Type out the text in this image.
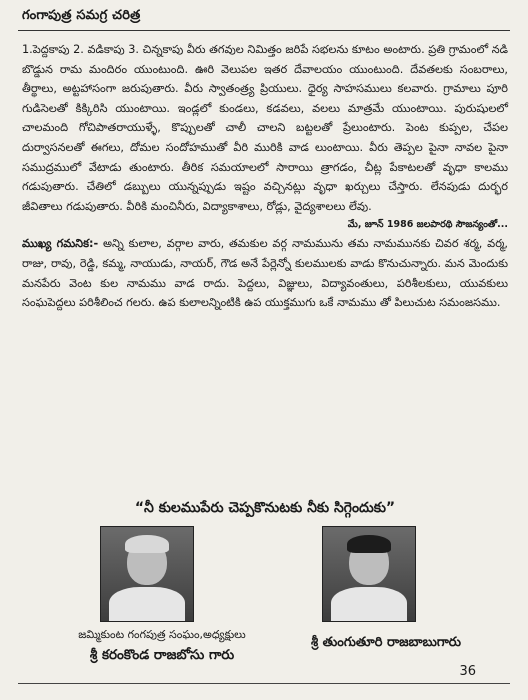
గంగాపుత్ర సమగ్ర చరిత్ర

1.పెద్దకాపు 2. వడికాపు 3. చిన్నకాపు వీరు తగవుల నిమిత్తం జరిపే సభలను కూటం అంటారు. ప్రతి గ్రామంలో నడి బొడ్డున రామ మందిరం యుంటుంది. ఊరి వెలుపల ఇతర దేవాలయం యుంటుంది. దేవతలకు సంబరాలు, తీర్థాలు, అట్టహాసంగా జరుపుతారు. వీరు స్వాతంత్ర్య ప్రియులు. ధైర్య సాహసములు కలవారు. గ్రామాలు పూరి గుడిసెలతో కిక్కిరిసి యుంటాయి. ఇండ్లలో కుండలు, కడవలు, వలలు మాత్రమే యుంటాయి. పురుషులలో చాలమంది గోచిపాతరాయుళ్ళే, కొప్పులతో చాలీ చాలని బట్టలతో ప్రేలుంటారు. పెంట కుప్పల, చేపల దుర్వాసనలతో ఈగలు, దోమల సందోహముతో వీరి మురికి వాడ లుంటాయి. వీరు తెప్పల పైనా నావల పైనా సముద్రములో వేటాడు తుంటారు. తీరిక సమయాలలో సారాయి త్రాగడం, చీట్ల పేకాటలతో వృధా కాలము గడుపుతారు. చేతిలో డబ్బులు యున్నప్పుడు ఇష్టం వచ్చినట్లు వృధా ఖర్చులు చేస్తారు. లేనపుడు దుర్భర జీవితాలు గడుపుతారు. వీరికి మంచినీరు, విద్యాకాశాలు, రోడ్లు, వైద్యశాలలు లేవు.

మే, జూన్ 1986 జలపారథి సౌజన్యంతో...

ముఖ్య గమనిక:- అన్ని కులాల, వర్గాల వారు, తమకుల వర్గ నామమును తమ నామమునకు చివర శర్మ, వర్మ, రాజు, రావు, రెడ్డి, కమ్మ, నాయుడు, నాయర్, గౌడ అనే పేర్లెన్నో కులములకు వాడు కొనుచున్నారు. మన మెందుకు మనపేరు వెంట కుల నామము వాడ రాదు. పెద్దలు, విజ్ఞులు, విద్యావంతులు, పరిశీలకులు, యువకులు సంఘపెద్దలు పరిశీలించ గలరు. ఉప కులాలన్నింటికి ఉప యుక్తముగు ఒకే నామము తో పిలుచుట సమంజసము.

“నీ కులముపేరు చెప్పకొనుటకు నీకు సిగ్గెందుకు”
జమ్మికుంట గంగపుత్ర సంఘం,అధ్యక్షులు
శ్రీ కరంకొండ రాజబోసు గారు
శ్రీ తుంగుతూరి రాజబాబుగారు
36
